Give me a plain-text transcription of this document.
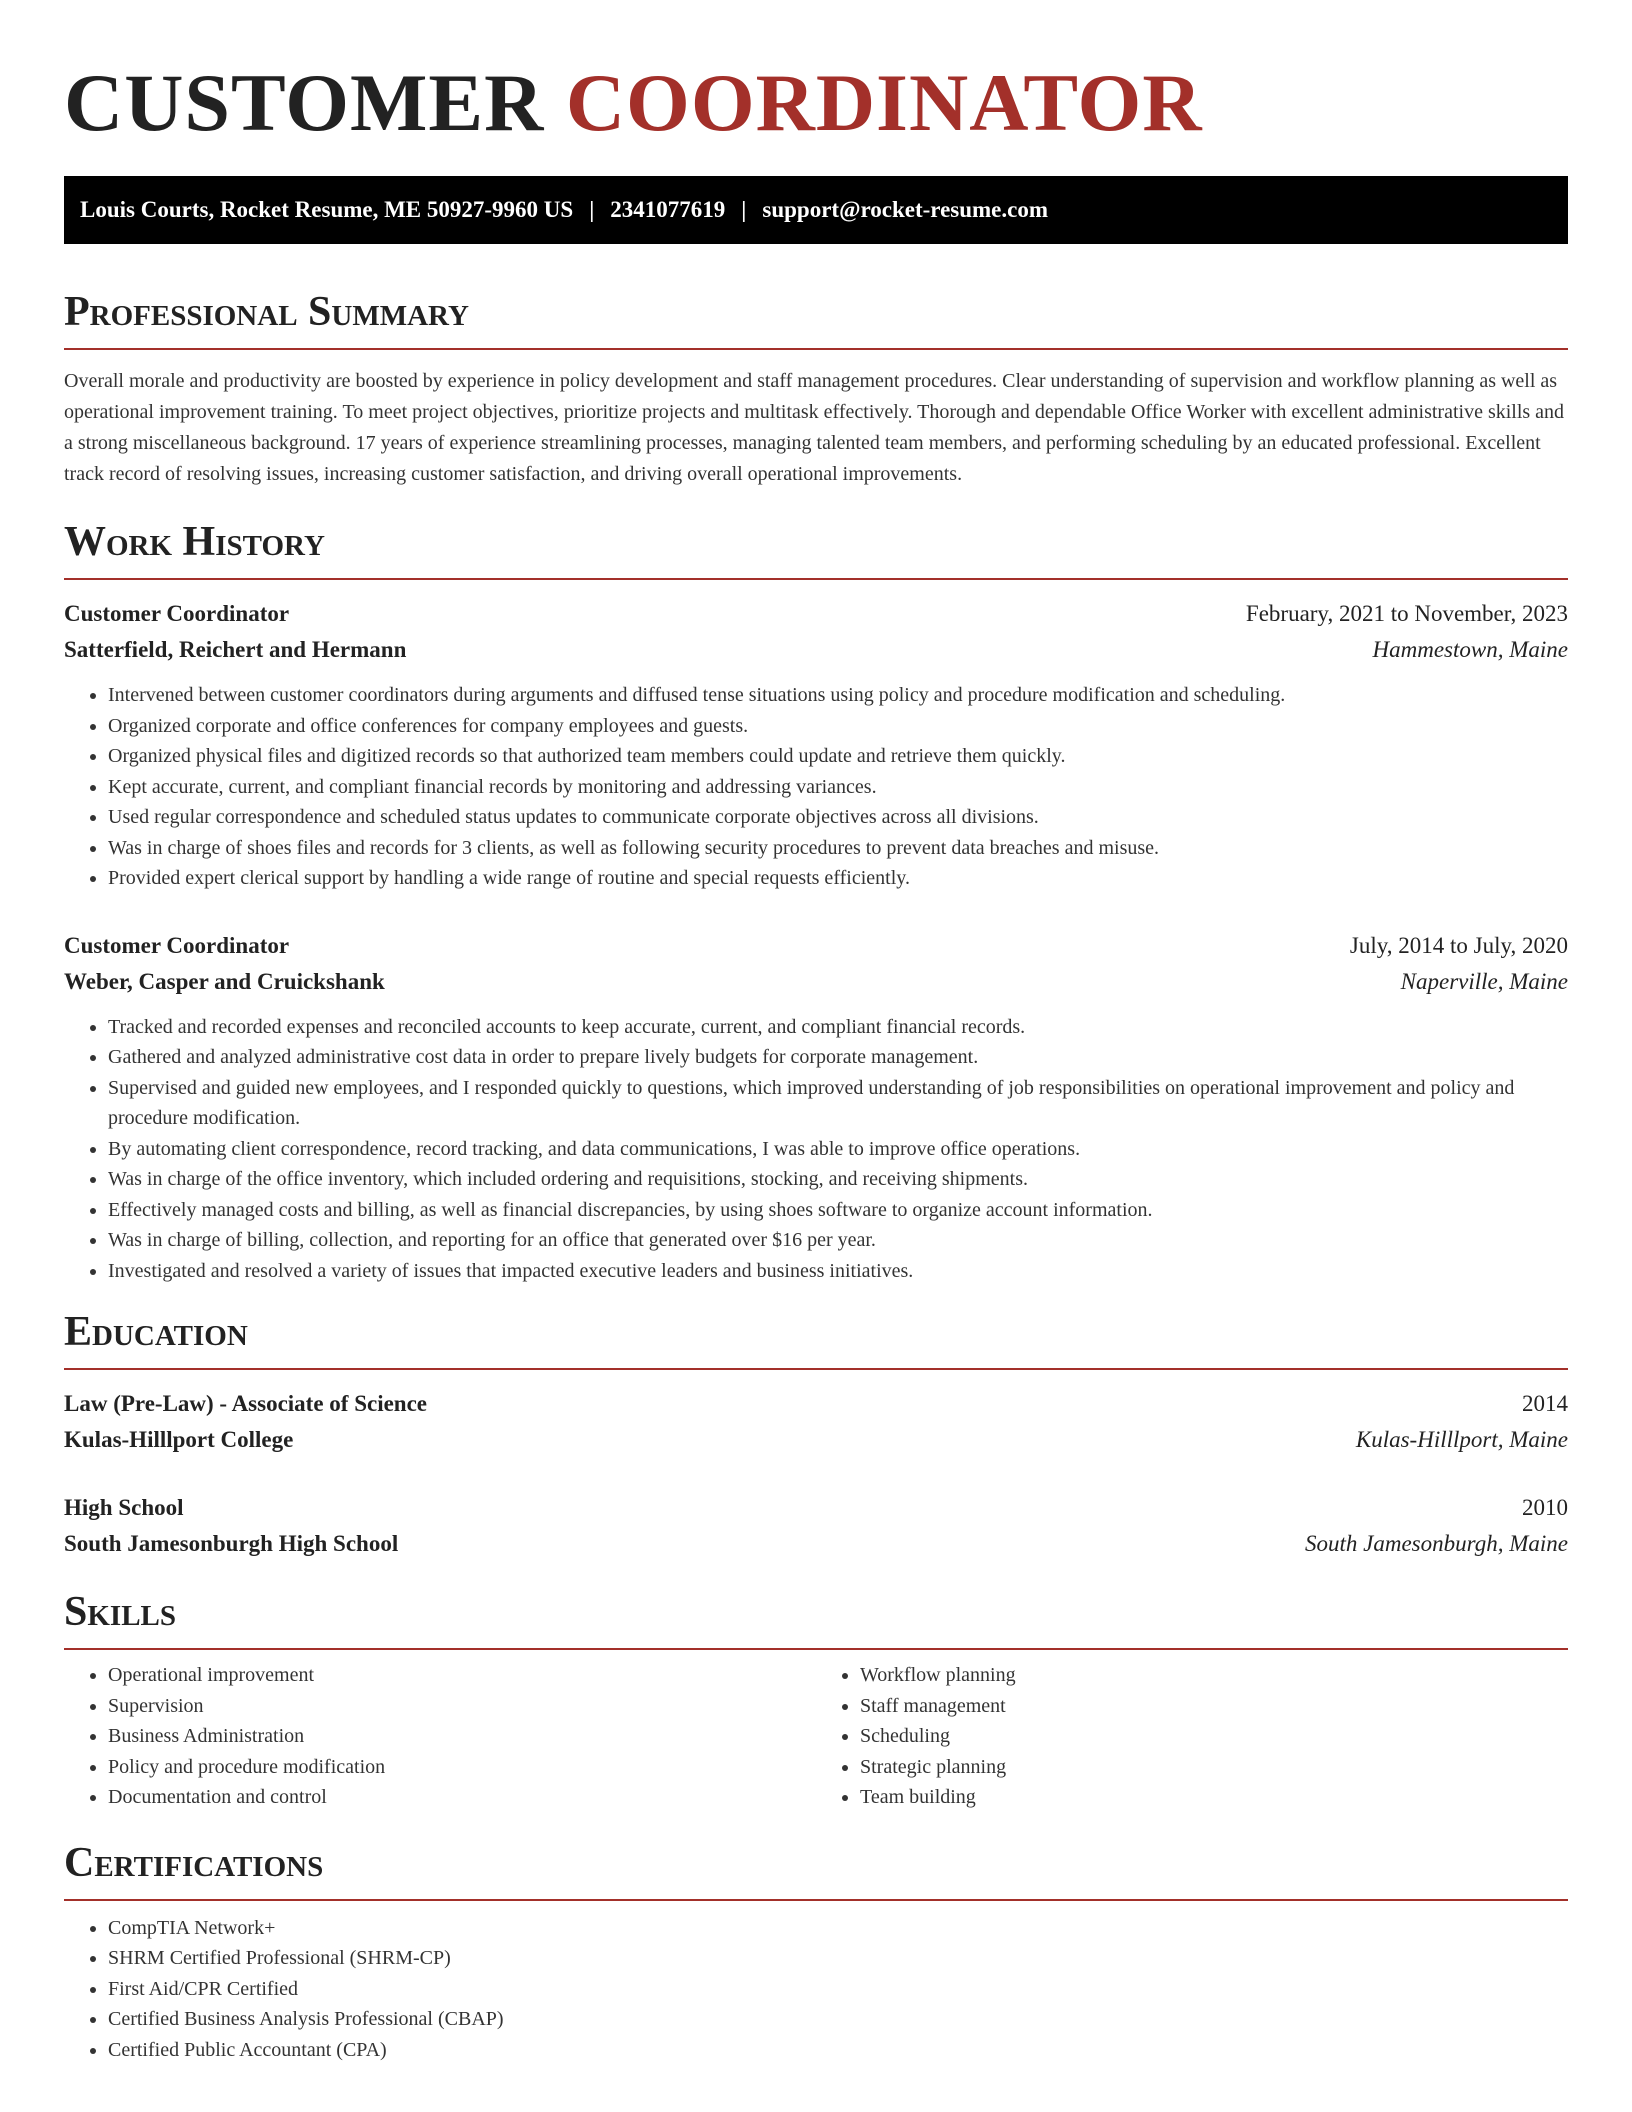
CUSTOMER COORDINATOR
Louis Courts, Rocket Resume, ME 50927-9960 US | 2341077619 | support@rocket-resume.com
Professional Summary

Overall morale and productivity are boosted by experience in policy development and staff management procedures. Clear understanding of supervision and workflow planning as well as operational improvement training. To meet project objectives, prioritize projects and multitask effectively. Thorough and dependable Office Worker with excellent administrative skills and a strong miscellaneous background. 17 years of experience streamlining processes, managing talented team members, and performing scheduling by an educated professional. Excellent track record of resolving issues, increasing customer satisfaction, and driving overall operational improvements.

Work History
Customer Coordinator	February, 2021 to November, 2023
Satterfield, Reichert and Hermann	Hammestown, Maine
• Intervened between customer coordinators during arguments and diffused tense situations using policy and procedure modification and scheduling.
• Organized corporate and office conferences for company employees and guests.
• Organized physical files and digitized records so that authorized team members could update and retrieve them quickly.
• Kept accurate, current, and compliant financial records by monitoring and addressing variances.
• Used regular correspondence and scheduled status updates to communicate corporate objectives across all divisions.
• Was in charge of shoes files and records for 3 clients, as well as following security procedures to prevent data breaches and misuse.
• Provided expert clerical support by handling a wide range of routine and special requests efficiently.
Customer Coordinator	July, 2014 to July, 2020
Weber, Casper and Cruickshank	Naperville, Maine
• Tracked and recorded expenses and reconciled accounts to keep accurate, current, and compliant financial records.
• Gathered and analyzed administrative cost data in order to prepare lively budgets for corporate management.
• Supervised and guided new employees, and I responded quickly to questions, which improved understanding of job responsibilities on operational improvement and policy and procedure modification.
• By automating client correspondence, record tracking, and data communications, I was able to improve office operations.
• Was in charge of the office inventory, which included ordering and requisitions, stocking, and receiving shipments.
• Effectively managed costs and billing, as well as financial discrepancies, by using shoes software to organize account information.
• Was in charge of billing, collection, and reporting for an office that generated over $16 per year.
• Investigated and resolved a variety of issues that impacted executive leaders and business initiatives.
Education
Law (Pre-Law) - Associate of Science	2014
Kulas-Hilllport College	Kulas-Hilllport, Maine
High School	2010
South Jamesonburgh High School	South Jamesonburgh, Maine
Skills
• Operational improvement
• Supervision
• Business Administration
• Policy and procedure modification
• Documentation and control
• Workflow planning
• Staff management
• Scheduling
• Strategic planning
• Team building
Certifications
• CompTIA Network+
• SHRM Certified Professional (SHRM-CP)
• First Aid/CPR Certified
• Certified Business Analysis Professional (CBAP)
• Certified Public Accountant (CPA)
